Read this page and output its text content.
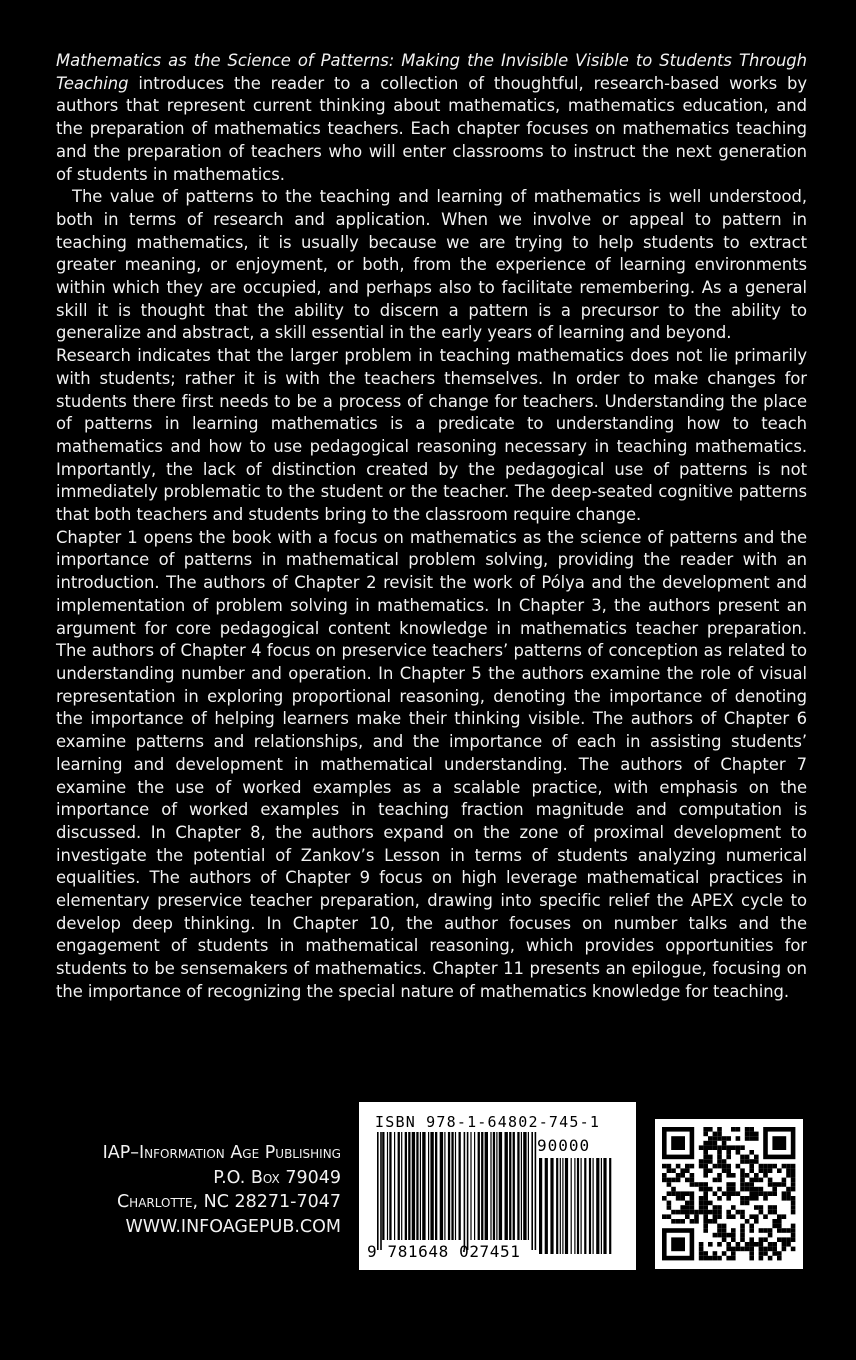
Mathematics as the Science of Patterns: Making the Invisible Visible to Students Through Teaching introduces the reader to a collection of thoughtful, research-based works by authors that represent current thinking about mathematics, mathematics education, and the preparation of mathematics teachers. Each chapter focuses on mathematics teaching and the preparation of teachers who will enter classrooms to instruct the next generation of students in mathematics.

The value of patterns to the teaching and learning of mathematics is well understood, both in terms of research and application. When we involve or appeal to pattern in teaching mathematics, it is usually because we are trying to help students to extract greater meaning, or enjoyment, or both, from the experience of learning environments within which they are occupied, and perhaps also to facilitate remembering. As a general skill it is thought that the ability to discern a pattern is a precursor to the ability to generalize and abstract, a skill essential in the early years of learning and beyond.

Research indicates that the larger problem in teaching mathematics does not lie primarily with students; rather it is with the teachers themselves. In order to make changes for students there first needs to be a process of change for teachers. Understanding the place of patterns in learning mathematics is a predicate to understanding how to teach mathematics and how to use pedagogical reasoning necessary in teaching mathematics. Importantly, the lack of distinction created by the pedagogical use of patterns is not immediately problematic to the student or the teacher. The deep-seated cognitive patterns that both teachers and students bring to the classroom require change.

Chapter 1 opens the book with a focus on mathematics as the science of patterns and the importance of patterns in mathematical problem solving, providing the reader with an introduction. The authors of Chapter 2 revisit the work of Pólya and the development and implementation of problem solving in mathematics. In Chapter 3, the authors present an argument for core pedagogical content knowledge in mathematics teacher preparation. The authors of Chapter 4 focus on preservice teachers’ patterns of conception as related to understanding number and operation. In Chapter 5 the authors examine the role of visual representation in exploring proportional reasoning, denoting the importance of denoting the importance of helping learners make their thinking visible. The authors of Chapter 6 examine patterns and relationships, and the importance of each in assisting students’ learning and development in mathematical understanding. The authors of Chapter 7 examine the use of worked examples as a scalable practice, with emphasis on the importance of worked examples in teaching fraction magnitude and computation is discussed. In Chapter 8, the authors expand on the zone of proximal development to investigate the potential of Zankov’s Lesson in terms of students analyzing numerical equalities. The authors of Chapter 9 focus on high leverage mathematical practices in elementary preservice teacher preparation, drawing into specific relief the APEX cycle to develop deep thinking. In Chapter 10, the author focuses on number talks and the engagement of students in mathematical reasoning, which provides opportunities for students to be sensemakers of mathematics. Chapter 11 presents an epilogue, focusing on the importance of recognizing the special nature of mathematics knowledge for teaching.

IAP–Information Age Publishing
P.O. Box 79049
Charlotte, NC 28271-7047
WWW.INFOAGEPUB.COM
ISBN 978-1-64802-745-1
90000
9 781648 027451
